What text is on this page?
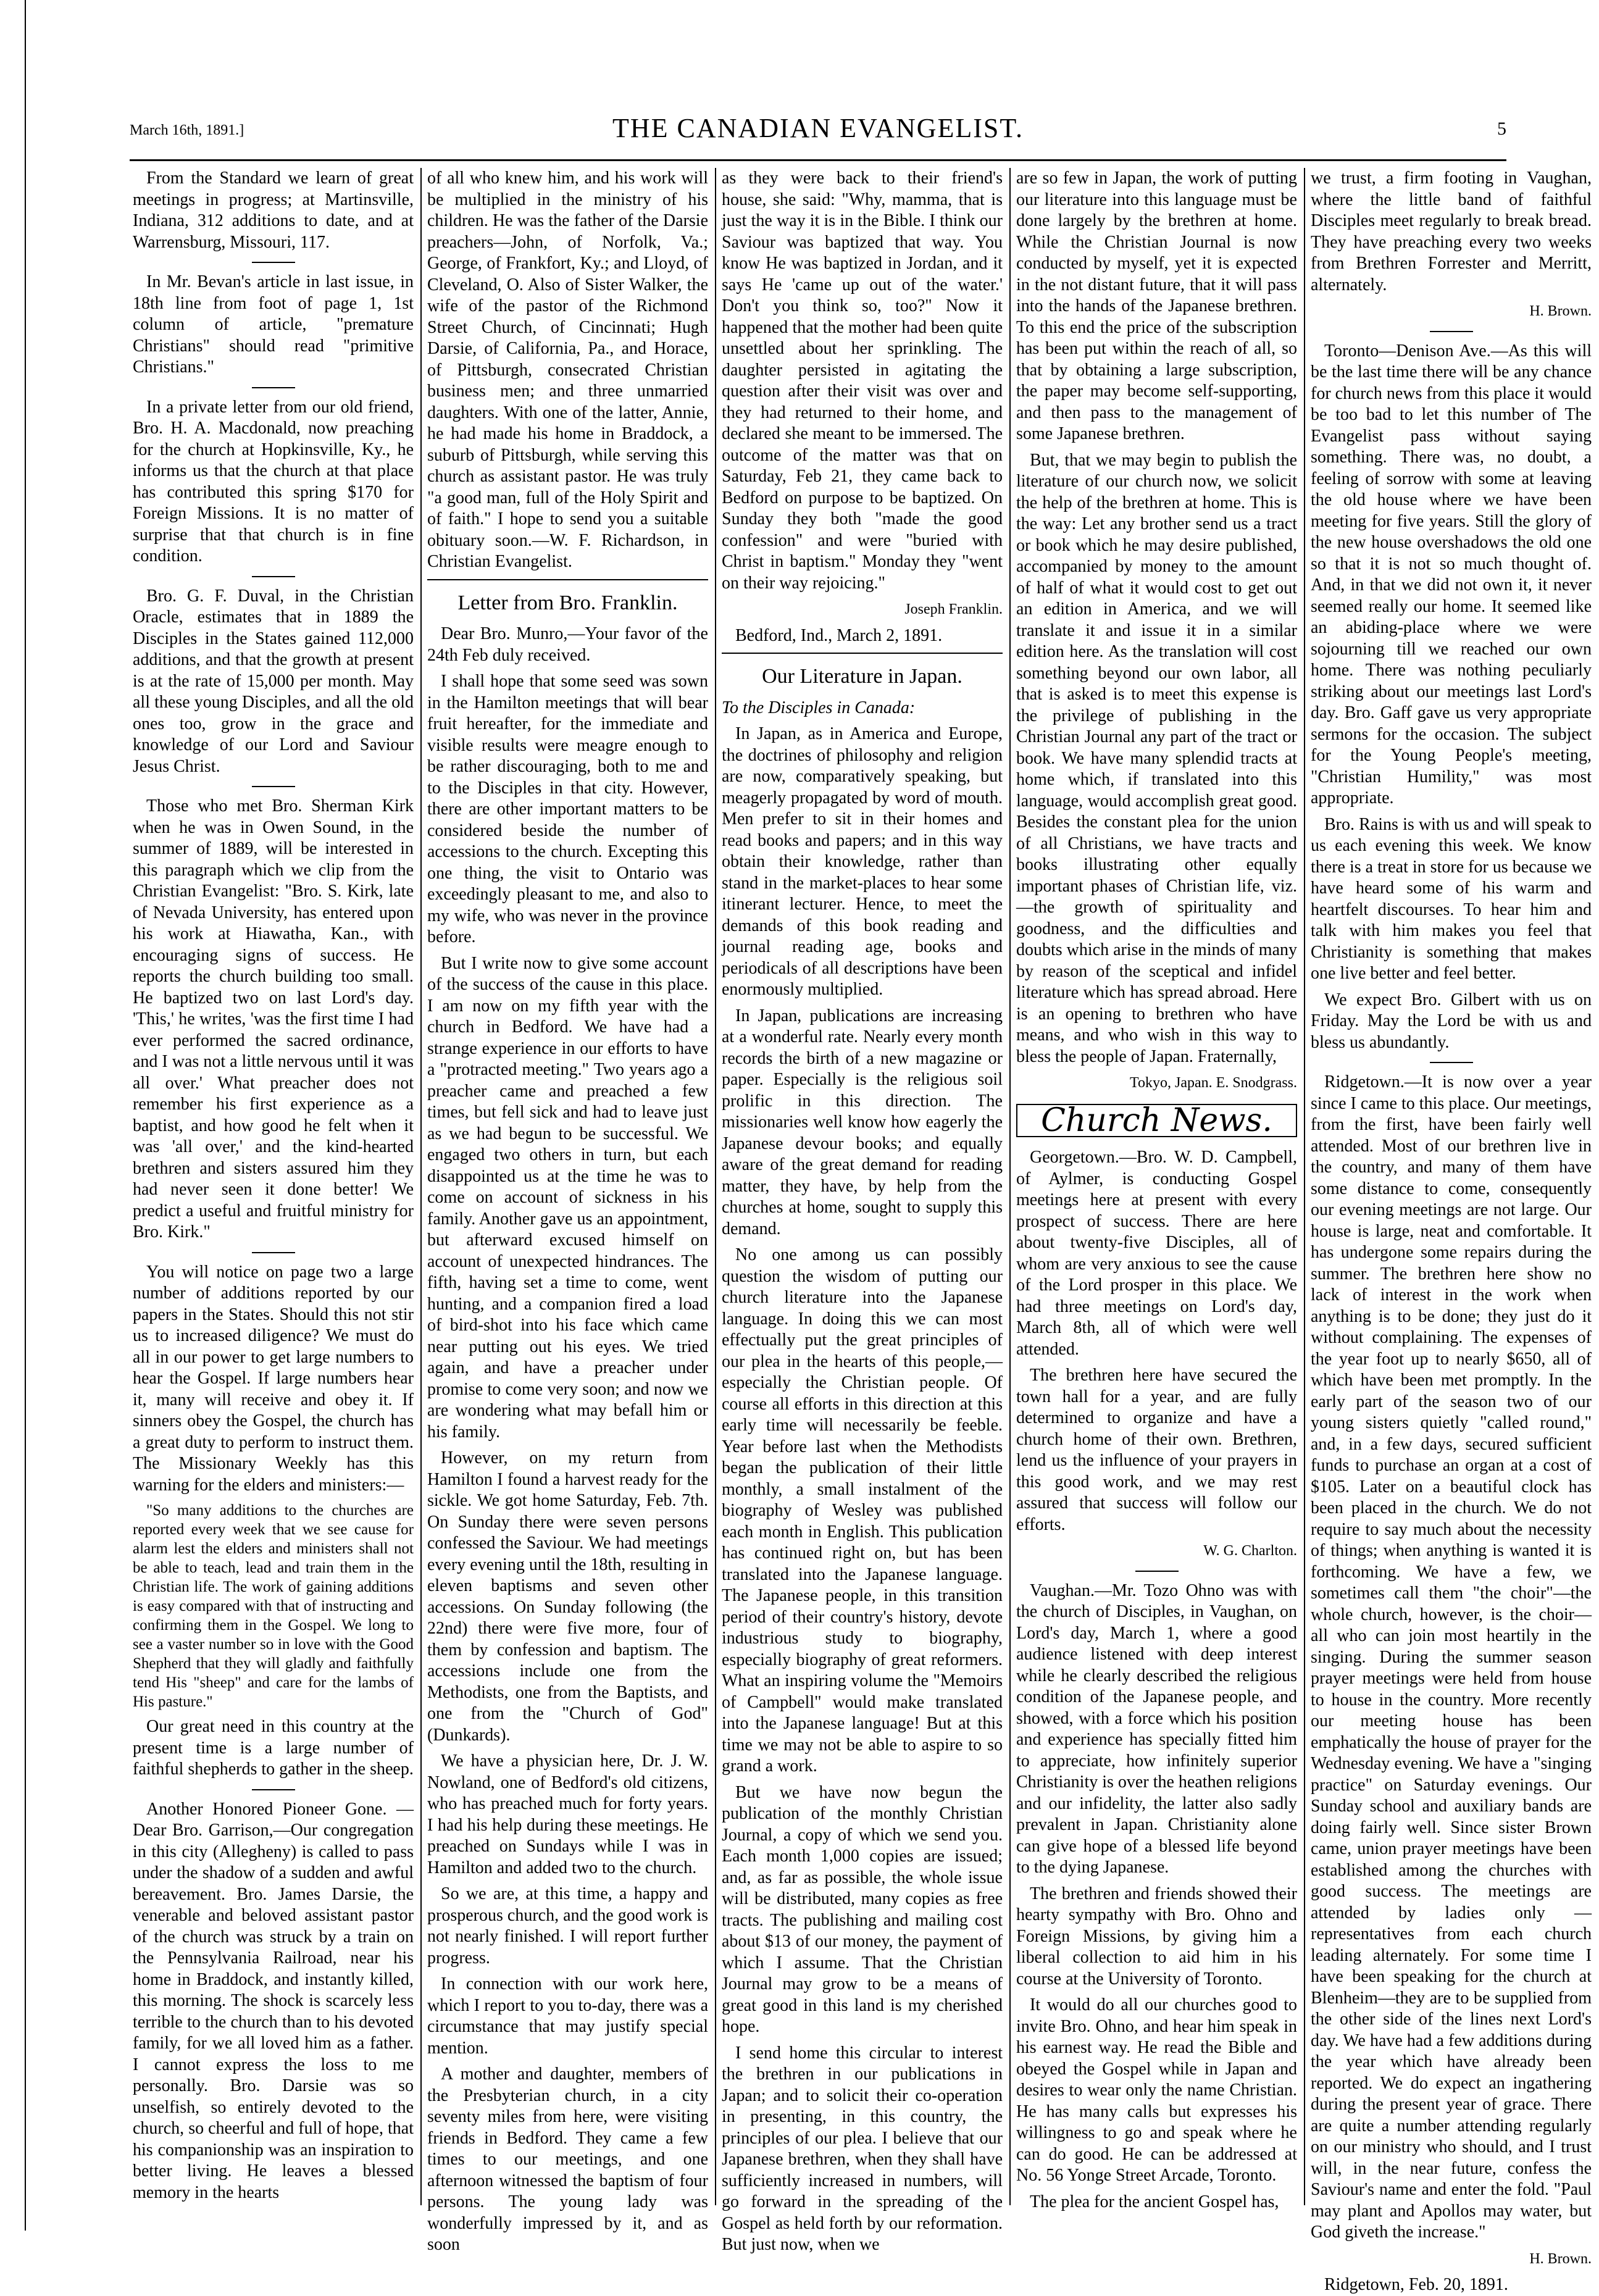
March 16th, 1891.]	THE CANADIAN EVANGELIST.	5

From the Standard we learn of great meetings in progress; at Martinsville, Indiana, 312 additions to date, and at Warrensburg, Missouri, 117.

In Mr. Bevan's article in last issue, in 18th line from foot of page 1, 1st column of article, "premature Christians" should read "primitive Christians."

In a private letter from our old friend, Bro. H. A. Macdonald, now preaching for the church at Hopkinsville, Ky., he informs us that the church at that place has contributed this spring $170 for Foreign Missions. It is no matter of surprise that that church is in fine condition.

Bro. G. F. Duval, in the Christian Oracle, estimates that in 1889 the Disciples in the States gained 112,000 additions, and that the growth at present is at the rate of 15,000 per month. May all these young Disciples, and all the old ones too, grow in the grace and knowledge of our Lord and Saviour Jesus Christ.

Those who met Bro. Sherman Kirk when he was in Owen Sound, in the summer of 1889, will be interested in this paragraph which we clip from the Christian Evangelist: "Bro. S. Kirk, late of Nevada University, has entered upon his work at Hiawatha, Kan., with encouraging signs of success. He reports the church building too small. He baptized two on last Lord's day. 'This,' he writes, 'was the first time I had ever performed the sacred ordinance, and I was not a little nervous until it was all over.' What preacher does not remember his first experience as a baptist, and how good he felt when it was 'all over,' and the kind-hearted brethren and sisters assured him they had never seen it done better! We predict a useful and fruitful ministry for Bro. Kirk."

You will notice on page two a large number of additions reported by our papers in the States. Should this not stir us to increased diligence? We must do all in our power to get large numbers to hear the Gospel. If large numbers hear it, many will receive and obey it. If sinners obey the Gospel, the church has a great duty to perform to instruct them. The Missionary Weekly has this warning for the elders and ministers:—

"So many additions to the churches are reported every week that we see cause for alarm lest the elders and ministers shall not be able to teach, lead and train them in the Christian life. The work of gaining additions is easy compared with that of instructing and confirming them in the Gospel. We long to see a vaster number so in love with the Good Shepherd that they will gladly and faithfully tend His "sheep" and care for the lambs of His pasture."

Our great need in this country at the present time is a large number of faithful shepherds to gather in the sheep.

Another Honored Pioneer Gone. —Dear Bro. Garrison,—Our congregation in this city (Allegheny) is called to pass under the shadow of a sudden and awful bereavement. Bro. James Darsie, the venerable and beloved assistant pastor of the church was struck by a train on the Pennsylvania Railroad, near his home in Braddock, and instantly killed, this morning. The shock is scarcely less terrible to the church than to his devoted family, for we all loved him as a father. I cannot express the loss to me personally. Bro. Darsie was so unselfish, so entirely devoted to the church, so cheerful and full of hope, that his companionship was an inspiration to better living. He leaves a blessed memory in the hearts

of all who knew him, and his work will be multiplied in the ministry of his children. He was the father of the Darsie preachers—John, of Norfolk, Va.; George, of Frankfort, Ky.; and Lloyd, of Cleveland, O. Also of Sister Walker, the wife of the pastor of the Richmond Street Church, of Cincinnati; Hugh Darsie, of California, Pa., and Horace, of Pittsburgh, consecrated Christian business men; and three unmarried daughters. With one of the latter, Annie, he had made his home in Braddock, a suburb of Pittsburgh, while serving this church as assistant pastor. He was truly "a good man, full of the Holy Spirit and of faith." I hope to send you a suitable obituary soon.—W. F. Richardson, in Christian Evangelist.

Letter from Bro. Franklin.

Dear Bro. Munro,—Your favor of the 24th Feb duly received.

I shall hope that some seed was sown in the Hamilton meetings that will bear fruit hereafter, for the immediate and visible results were meagre enough to be rather discouraging, both to me and to the Disciples in that city. However, there are other important matters to be considered beside the number of accessions to the church. Excepting this one thing, the visit to Ontario was exceedingly pleasant to me, and also to my wife, who was never in the province before.

But I write now to give some account of the success of the cause in this place. I am now on my fifth year with the church in Bedford. We have had a strange experience in our efforts to have a "protracted meeting." Two years ago a preacher came and preached a few times, but fell sick and had to leave just as we had begun to be successful. We engaged two others in turn, but each disappointed us at the time he was to come on account of sickness in his family. Another gave us an appointment, but afterward excused himself on account of unexpected hindrances. The fifth, having set a time to come, went hunting, and a companion fired a load of bird-shot into his face which came near putting out his eyes. We tried again, and have a preacher under promise to come very soon; and now we are wondering what may befall him or his family.

However, on my return from Hamilton I found a harvest ready for the sickle. We got home Saturday, Feb. 7th. On Sunday there were seven persons confessed the Saviour. We had meetings every evening until the 18th, resulting in eleven baptisms and seven other accessions. On Sunday following (the 22nd) there were five more, four of them by confession and baptism. The accessions include one from the Methodists, one from the Baptists, and one from the "Church of God" (Dunkards).

We have a physician here, Dr. J. W. Nowland, one of Bedford's old citizens, who has preached much for forty years. I had his help during these meetings. He preached on Sundays while I was in Hamilton and added two to the church.

So we are, at this time, a happy and prosperous church, and the good work is not nearly finished. I will report further progress.

In connection with our work here, which I report to you to-day, there was a circumstance that may justify special mention.

A mother and daughter, members of the Presbyterian church, in a city seventy miles from here, were visiting friends in Bedford. They came a few times to our meetings, and one afternoon witnessed the baptism of four persons. The young lady was wonderfully impressed by it, and as soon

as they were back to their friend's house, she said: "Why, mamma, that is just the way it is in the Bible. I think our Saviour was baptized that way. You know He was baptized in Jordan, and it says He 'came up out of the water.' Don't you think so, too?" Now it happened that the mother had been quite unsettled about her sprinkling. The daughter persisted in agitating the question after their visit was over and they had returned to their home, and declared she meant to be immersed. The outcome of the matter was that on Saturday, Feb 21, they came back to Bedford on purpose to be baptized. On Sunday they both "made the good confession" and were "buried with Christ in baptism." Monday they "went on their way rejoicing."

Joseph Franklin.

Bedford, Ind., March 2, 1891.

Our Literature in Japan.

To the Disciples in Canada:

In Japan, as in America and Europe, the doctrines of philosophy and religion are now, comparatively speaking, but meagerly propagated by word of mouth. Men prefer to sit in their homes and read books and papers; and in this way obtain their knowledge, rather than stand in the market-places to hear some itinerant lecturer. Hence, to meet the demands of this book reading and journal reading age, books and periodicals of all descriptions have been enormously multiplied.

In Japan, publications are increasing at a wonderful rate. Nearly every month records the birth of a new magazine or paper. Especially is the religious soil prolific in this direction. The missionaries well know how eagerly the Japanese devour books; and equally aware of the great demand for reading matter, they have, by help from the churches at home, sought to supply this demand.

No one among us can possibly question the wisdom of putting our church literature into the Japanese language. In doing this we can most effectually put the great principles of our plea in the hearts of this people,—especially the Christian people. Of course all efforts in this direction at this early time will necessarily be feeble. Year before last when the Methodists began the publication of their little monthly, a small instalment of the biography of Wesley was published each month in English. This publication has continued right on, but has been translated into the Japanese language. The Japanese people, in this transition period of their country's history, devote industrious study to biography, especially biography of great reformers. What an inspiring volume the "Memoirs of Campbell" would make translated into the Japanese language! But at this time we may not be able to aspire to so grand a work.

But we have now begun the publication of the monthly Christian Journal, a copy of which we send you. Each month 1,000 copies are issued; and, as far as possible, the whole issue will be distributed, many copies as free tracts. The publishing and mailing cost about $13 of our money, the payment of which I assume. That the Christian Journal may grow to be a means of great good in this land is my cherished hope.

I send home this circular to interest the brethren in our publications in Japan; and to solicit their co-operation in presenting, in this country, the principles of our plea. I believe that our Japanese brethren, when they shall have sufficiently increased in numbers, will go forward in the spreading of the Gospel as held forth by our reformation. But just now, when we

are so few in Japan, the work of putting our literature into this language must be done largely by the brethren at home. While the Christian Journal is now conducted by myself, yet it is expected in the not distant future, that it will pass into the hands of the Japanese brethren. To this end the price of the subscription has been put within the reach of all, so that by obtaining a large subscription, the paper may become self-supporting, and then pass to the management of some Japanese brethren.

But, that we may begin to publish the literature of our church now, we solicit the help of the brethren at home. This is the way: Let any brother send us a tract or book which he may desire published, accompanied by money to the amount of half of what it would cost to get out an edition in America, and we will translate it and issue it in a similar edition here. As the translation will cost something beyond our own labor, all that is asked is to meet this expense is the privilege of publishing in the Christian Journal any part of the tract or book. We have many splendid tracts at home which, if translated into this language, would accomplish great good. Besides the constant plea for the union of all Christians, we have tracts and books illustrating other equally important phases of Christian life, viz.—the growth of spirituality and goodness, and the difficulties and doubts which arise in the minds of many by reason of the sceptical and infidel literature which has spread abroad. Here is an opening to brethren who have means, and who wish in this way to bless the people of Japan. Fraternally,

Tokyo, Japan. E. Snodgrass.

Church News.

Georgetown.—Bro. W. D. Campbell, of Aylmer, is conducting Gospel meetings here at present with every prospect of success. There are here about twenty-five Disciples, all of whom are very anxious to see the cause of the Lord prosper in this place. We had three meetings on Lord's day, March 8th, all of which were well attended.

The brethren here have secured the town hall for a year, and are fully determined to organize and have a church home of their own. Brethren, lend us the influence of your prayers in this good work, and we may rest assured that success will follow our efforts.

W. G. Charlton.

Vaughan.—Mr. Tozo Ohno was with the church of Disciples, in Vaughan, on Lord's day, March 1, where a good audience listened with deep interest while he clearly described the religious condition of the Japanese people, and showed, with a force which his position and experience has specially fitted him to appreciate, how infinitely superior Christianity is over the heathen religions and our infidelity, the latter also sadly prevalent in Japan. Christianity alone can give hope of a blessed life beyond to the dying Japanese.

The brethren and friends showed their hearty sympathy with Bro. Ohno and Foreign Missions, by giving him a liberal collection to aid him in his course at the University of Toronto.

It would do all our churches good to invite Bro. Ohno, and hear him speak in his earnest way. He read the Bible and obeyed the Gospel while in Japan and desires to wear only the name Christian. He has many calls but expresses his willingness to go and speak where he can do good. He can be addressed at No. 56 Yonge Street Arcade, Toronto.

The plea for the ancient Gospel has,

we trust, a firm footing in Vaughan, where the little band of faithful Disciples meet regularly to break bread. They have preaching every two weeks from Brethren Forrester and Merritt, alternately.

H. Brown.

Toronto—Denison Ave.—As this will be the last time there will be any chance for church news from this place it would be too bad to let this number of The Evangelist pass without saying something. There was, no doubt, a feeling of sorrow with some at leaving the old house where we have been meeting for five years. Still the glory of the new house overshadows the old one so that it is not so much thought of. And, in that we did not own it, it never seemed really our home. It seemed like an abiding-place where we were sojourning till we reached our own home. There was nothing peculiarly striking about our meetings last Lord's day. Bro. Gaff gave us very appropriate sermons for the occasion. The subject for the Young People's meeting, "Christian Humility," was most appropriate.

Bro. Rains is with us and will speak to us each evening this week. We know there is a treat in store for us because we have heard some of his warm and heartfelt discourses. To hear him and talk with him makes you feel that Christianity is something that makes one live better and feel better.

We expect Bro. Gilbert with us on Friday. May the Lord be with us and bless us abundantly.

Ridgetown.—It is now over a year since I came to this place. Our meetings, from the first, have been fairly well attended. Most of our brethren live in the country, and many of them have some distance to come, consequently our evening meetings are not large. Our house is large, neat and comfortable. It has undergone some repairs during the summer. The brethren here show no lack of interest in the work when anything is to be done; they just do it without complaining. The expenses of the year foot up to nearly $650, all of which have been met promptly. In the early part of the season two of our young sisters quietly "called round," and, in a few days, secured sufficient funds to purchase an organ at a cost of $105. Later on a beautiful clock has been placed in the church. We do not require to say much about the necessity of things; when anything is wanted it is forthcoming. We have a few, we sometimes call them "the choir"—the whole church, however, is the choir—all who can join most heartily in the singing. During the summer season prayer meetings were held from house to house in the country. More recently our meeting house has been emphatically the house of prayer for the Wednesday evening. We have a "singing practice" on Saturday evenings. Our Sunday school and auxiliary bands are doing fairly well. Since sister Brown came, union prayer meetings have been established among the churches with good success. The meetings are attended by ladies only —representatives from each church leading alternately. For some time I have been speaking for the church at Blenheim—they are to be supplied from the other side of the lines next Lord's day. We have had a few additions during the year which have already been reported. We do expect an ingathering during the present year of grace. There are quite a number attending regularly on our ministry who should, and I trust will, in the near future, confess the Saviour's name and enter the fold. "Paul may plant and Apollos may water, but God giveth the increase."

H. Brown.

Ridgetown, Feb. 20, 1891.
